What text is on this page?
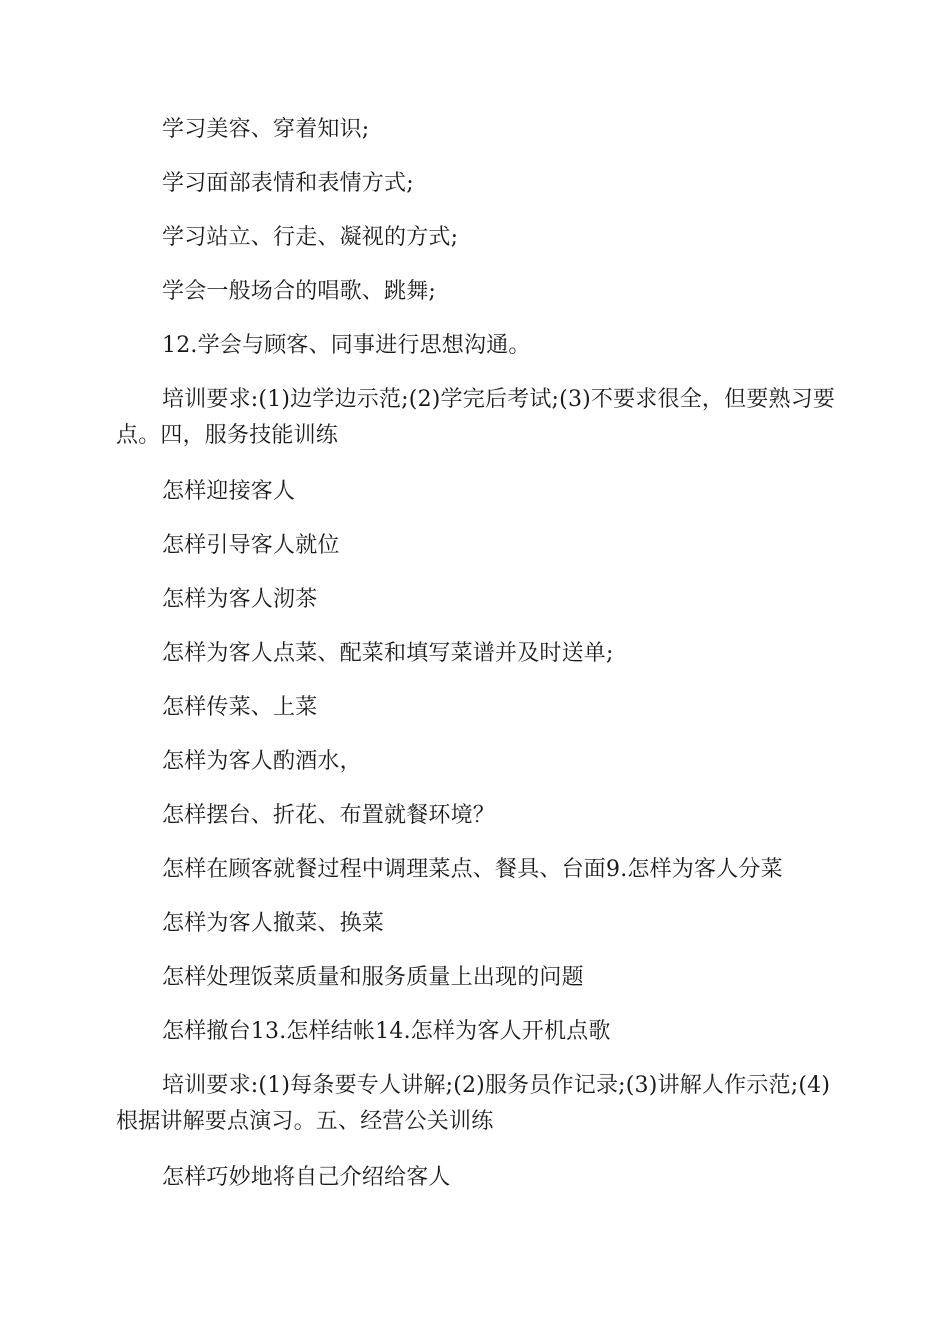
学习美容、穿着知识;

学习面部表情和表情方式;

学习站立、行走、凝视的方式;

学会一般场合的唱歌、跳舞;

12.学会与顾客、同事进行思想沟通。

培训要求:(1)边学边示范;(2)学完后考试;(3)不要求很全，但要熟习要点。四，服务技能训练

怎样迎接客人

怎样引导客人就位

怎样为客人沏茶

怎样为客人点菜、配菜和填写菜谱并及时送单;

怎样传菜、上菜

怎样为客人酌酒水，

怎样摆台、折花、布置就餐环境？

怎样在顾客就餐过程中调理菜点、餐具、台面9.怎样为客人分菜

怎样为客人撤菜、换菜

怎样处理饭菜质量和服务质量上出现的问题

怎样撤台13.怎样结帐14.怎样为客人开机点歌

培训要求:(1)每条要专人讲解;(2)服务员作记录;(3)讲解人作示范;(4)根据讲解要点演习。五、经营公关训练

怎样巧妙地将自己介绍给客人
